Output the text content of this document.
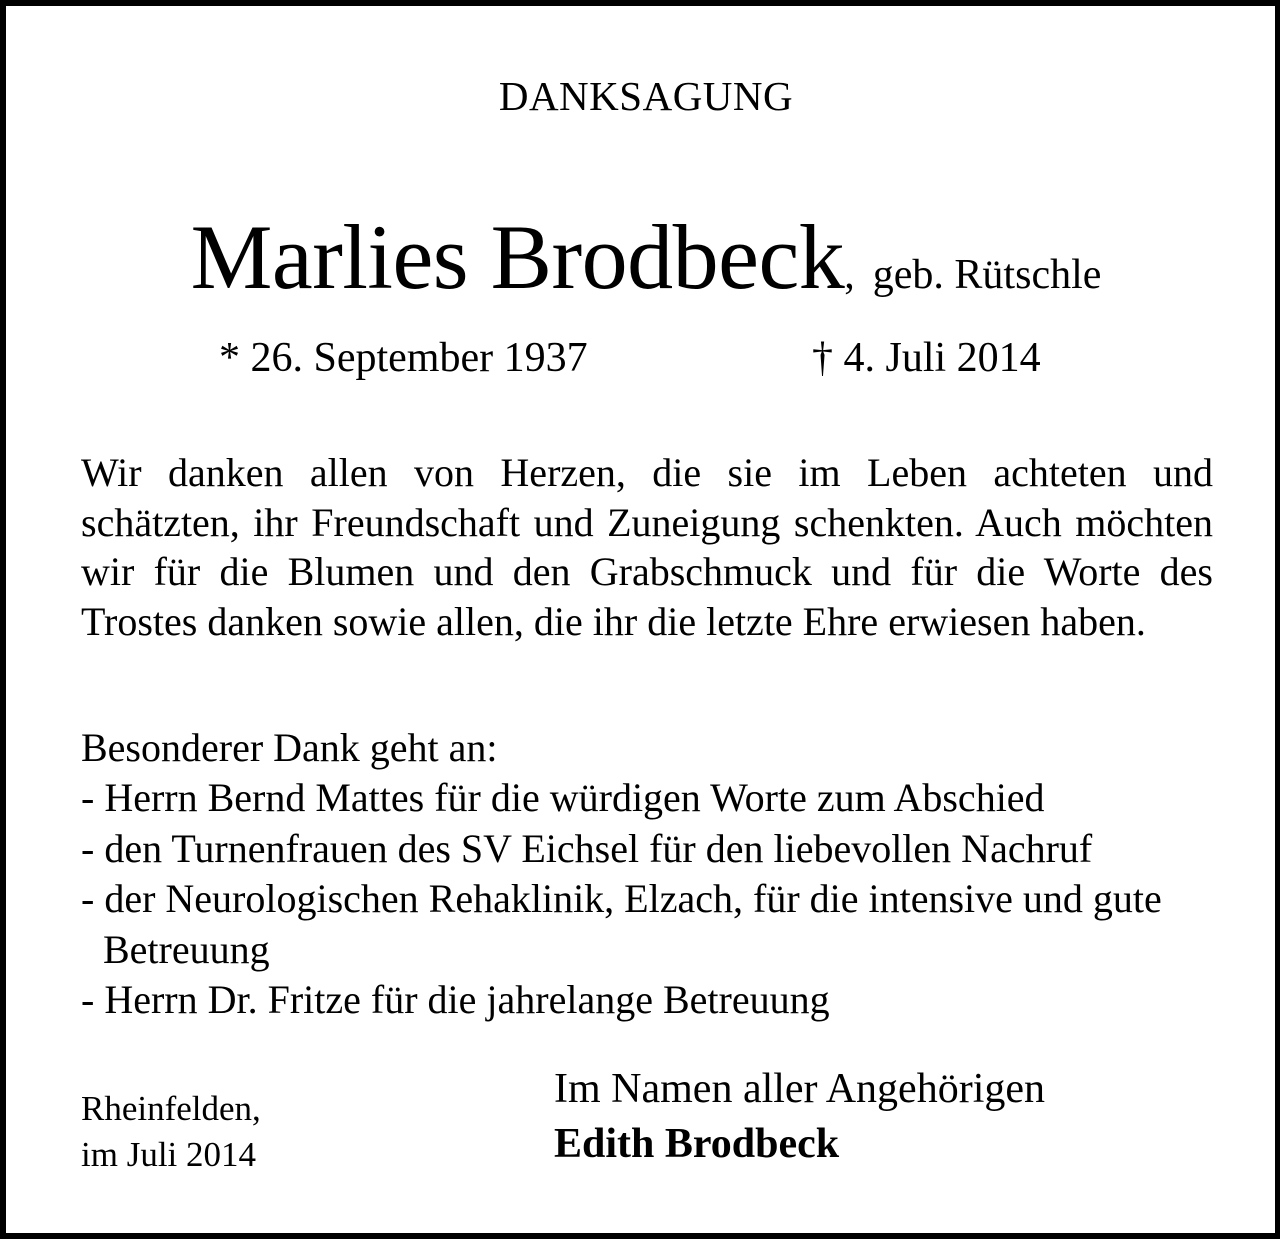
DANKSAGUNG
Marlies Brodbeck, geb. Rütschle
* 26. September 1937	† 4. Juli 2014

Wir danken allen von Herzen, die sie im Leben achteten und schätzten, ihr Freundschaft und Zuneigung schenkten. Auch möchten wir für die Blumen und den Grabschmuck und für die Worte des Trostes danken sowie allen, die ihr die letzte Ehre erwiesen haben.

Besonderer Dank geht an:

- Herrn Bernd Mattes für die würdigen Worte zum Abschied
- den Turnenfrauen des SV Eichsel für den liebevollen Nachruf
- der Neurologischen Rehaklinik, Elzach, für die intensive und gute Betreuung
- Herrn Dr. Fritze für die jahrelange Betreuung
Rheinfelden,
im Juli 2014
Im Namen aller Angehörigen
Edith Brodbeck
